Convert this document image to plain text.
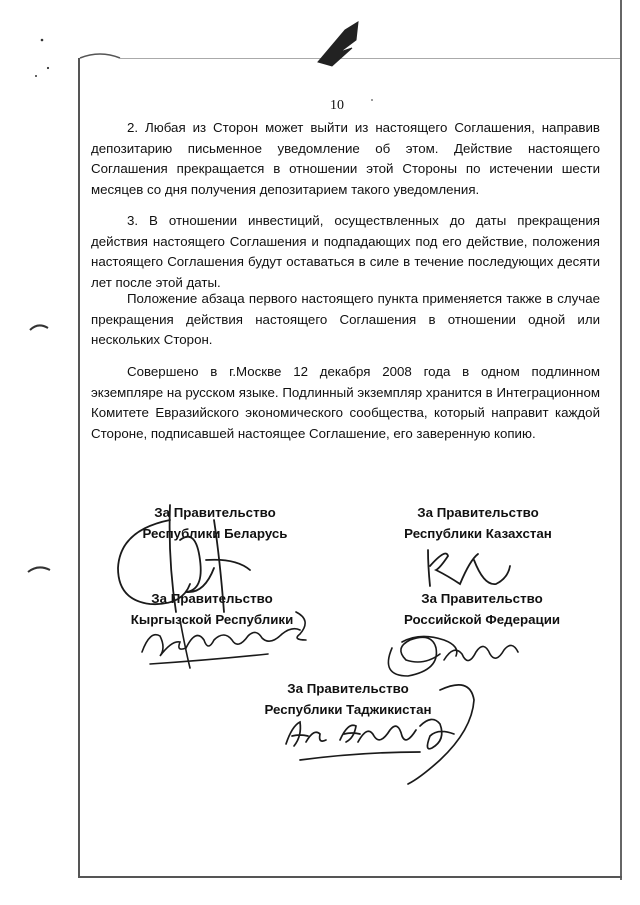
10

2. Любая из Сторон может выйти из настоящего Соглашения, направив депозитарию письменное уведомление об этом. Действие настоящего Соглашения прекращается в отношении этой Стороны по истечении шести месяцев со дня получения депозитарием такого уведомления.

3. В отношении инвестиций, осуществленных до даты прекращения действия настоящего Соглашения и подпадающих под его действие, положения настоящего Соглашения будут оставаться в силе в течение последующих десяти лет после этой даты.

Положение абзаца первого настоящего пункта применяется также в случае прекращения действия настоящего Соглашения в отношении одной или нескольких Сторон.

Совершено в г.Москве 12 декабря 2008 года в одном подлинном экземпляре на русском языке. Подлинный экземпляр хранится в Интеграционном Комитете Евразийского экономического сообщества, который направит каждой Стороне, подписавшей настоящее Соглашение, его заверенную копию.

За Правительство
Республики Беларусь
За Правительство
Республики Казахстан
За Правительство
Кыргызской Республики
За Правительство
Российской Федерации
За Правительство
Республики Таджикистан
